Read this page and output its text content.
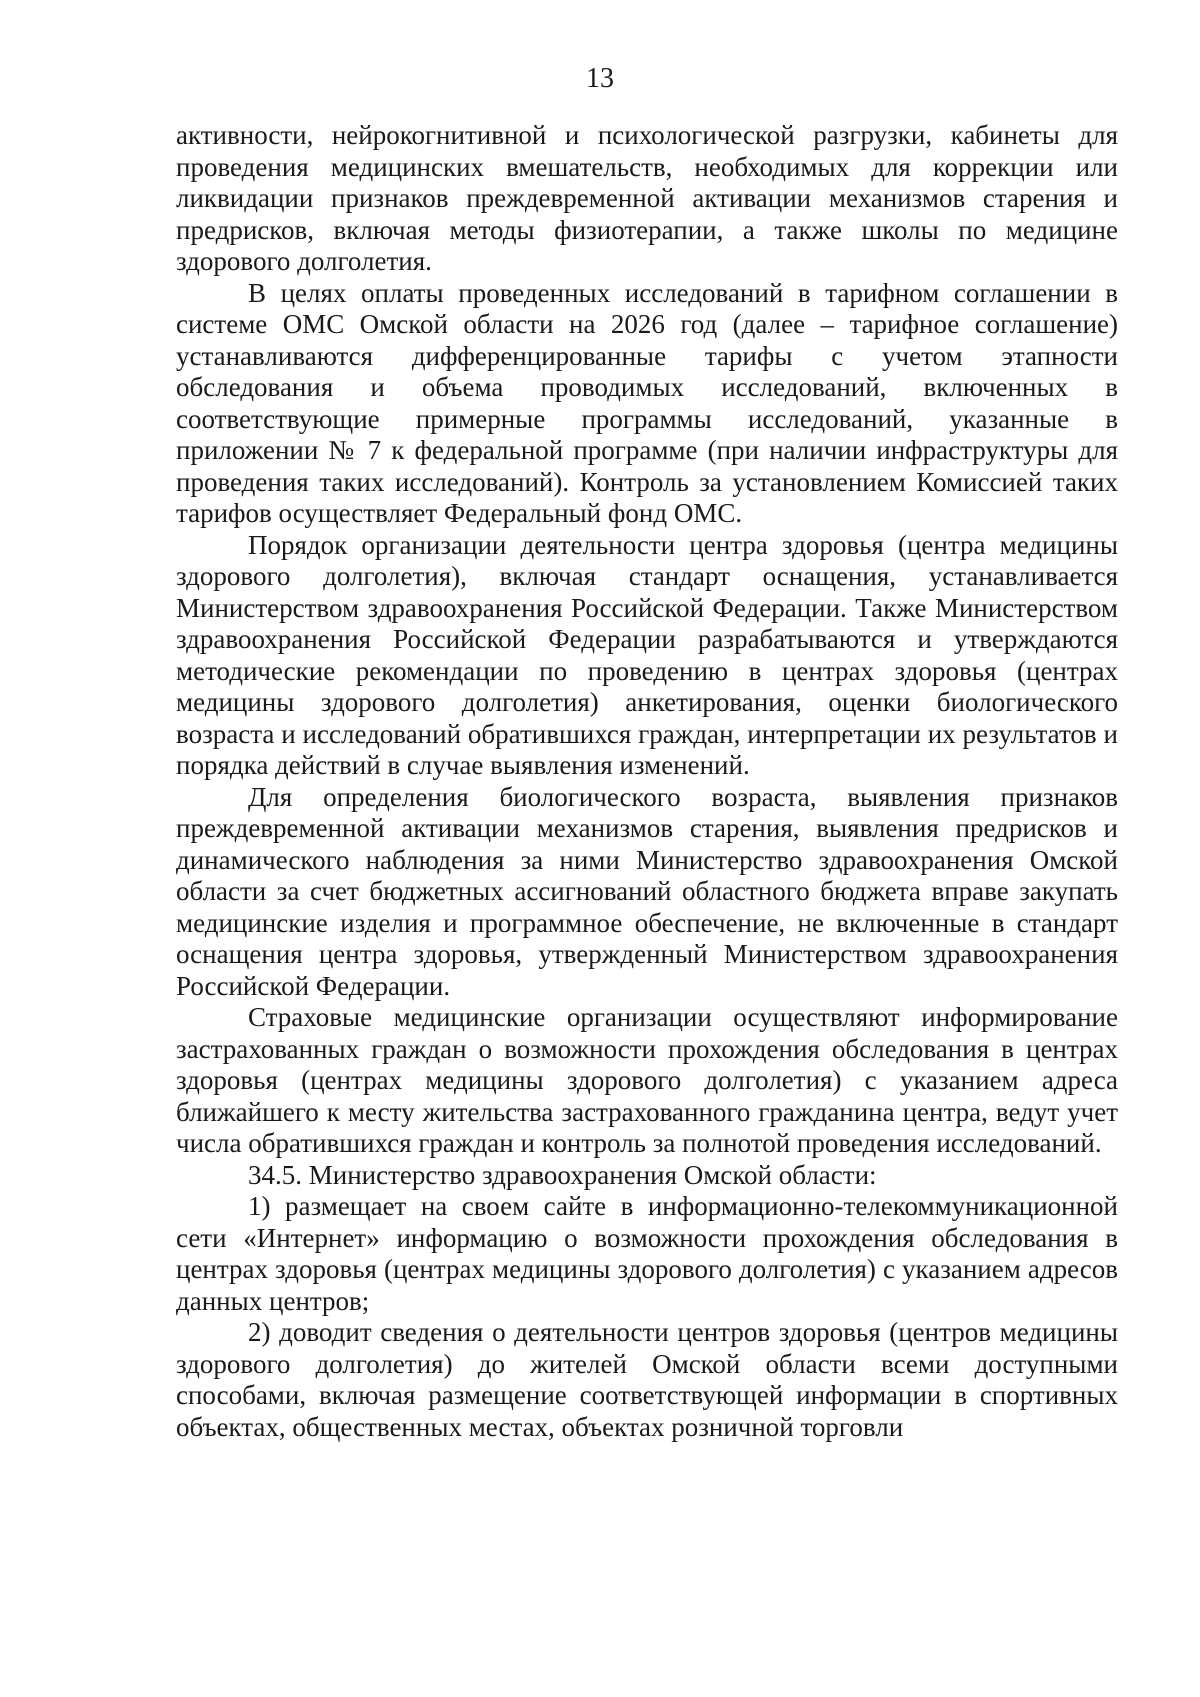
13

активности, нейрокогнитивной и психологической разгрузки, кабинеты для проведения медицинских вмешательств, необходимых для коррекции или ликвидации признаков преждевременной активации механизмов старения и предрисков, включая методы физиотерапии, а также школы по медицине здорового долголетия.

В целях оплаты проведенных исследований в тарифном соглашении в системе ОМС Омской области на 2026 год (далее – тарифное соглашение) устанавливаются дифференцированные тарифы с учетом этапности обследования и объема проводимых исследований, включенных в соответствующие примерные программы исследований, указанные в приложении № 7 к федеральной программе (при наличии инфраструктуры для проведения таких исследований). Контроль за установлением Комиссией таких тарифов осуществляет Федеральный фонд ОМС.

Порядок организации деятельности центра здоровья (центра медицины здорового долголетия), включая стандарт оснащения, устанавливается Министерством здравоохранения Российской Федерации. Также Министерством здравоохранения Российской Федерации разрабатываются и утверждаются методические рекомендации по проведению в центрах здоровья (центрах медицины здорового долголетия) анкетирования, оценки биологического возраста и исследований обратившихся граждан, интерпретации их результатов и порядка действий в случае выявления изменений.

Для определения биологического возраста, выявления признаков преждевременной активации механизмов старения, выявления предрисков и динамического наблюдения за ними Министерство здравоохранения Омской области за счет бюджетных ассигнований областного бюджета вправе закупать медицинские изделия и программное обеспечение, не включенные в стандарт оснащения центра здоровья, утвержденный Министерством здравоохранения Российской Федерации.

Страховые медицинские организации осуществляют информирование застрахованных граждан о возможности прохождения обследования в центрах здоровья (центрах медицины здорового долголетия) с указанием адреса ближайшего к месту жительства застрахованного гражданина центра, ведут учет числа обратившихся граждан и контроль за полнотой проведения исследований.

34.5. Министерство здравоохранения Омской области:

1) размещает на своем сайте в информационно-телекоммуникационной сети «Интернет» информацию о возможности прохождения обследования в центрах здоровья (центрах медицины здорового долголетия) с указанием адресов данных центров;

2) доводит сведения о деятельности центров здоровья (центров медицины здорового долголетия) до жителей Омской области всеми доступными способами, включая размещение соответствующей информации в спортивных объектах, общественных местах, объектах розничной торговли
